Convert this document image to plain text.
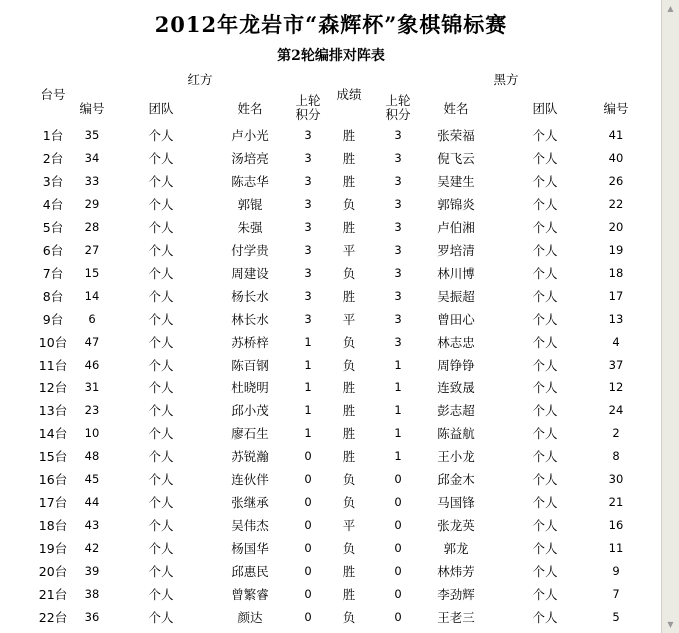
2012年龙岩市“森辉杯”象棋锦标赛
第2轮编排对阵表
红方	黑方
台号	成绩
编号	团队	姓名
上轮
积分
上轮
积分	姓名	团队	编号
1台	35	个人	卢小光	3	胜	3	张荣福	个人	41
2台	34	个人	汤培亮	3	胜	3	倪飞云	个人	40
3台	33	个人	陈志华	3	胜	3	吴建生	个人	26
4台	29	个人	郭锟	3	负	3	郭锦炎	个人	22
5台	28	个人	朱强	3	胜	3	卢伯湘	个人	20
6台	27	个人	付学贵	3	平	3	罗培清	个人	19
7台	15	个人	周建设	3	负	3	林川博	个人	18
8台	14	个人	杨长水	3	胜	3	吴振超	个人	17
9台	6	个人	林长水	3	平	3	曾田心	个人	13
10台	47	个人	苏桥梓	1	负	3	林志忠	个人	4
11台	46	个人	陈百钢	1	负	1	周铮铮	个人	37
12台	31	个人	杜晓明	1	胜	1	连致晟	个人	12
13台	23	个人	邱小茂	1	胜	1	彭志超	个人	24
14台	10	个人	廖石生	1	胜	1	陈益航	个人	2
15台	48	个人	苏锐瀚	0	胜	1	王小龙	个人	8
16台	45	个人	连伙伴	0	负	0	邱金木	个人	30
17台	44	个人	张继承	0	负	0	马国锋	个人	21
18台	43	个人	吴伟杰	0	平	0	张龙英	个人	16
19台	42	个人	杨国华	0	负	0	郭龙	个人	11
20台	39	个人	邱惠民	0	胜	0	林炜芳	个人	9
21台	38	个人	曾繁睿	0	胜	0	李劲辉	个人	7
22台	36	个人	颜达	0	负	0	王老三	个人	5
▲
▼
